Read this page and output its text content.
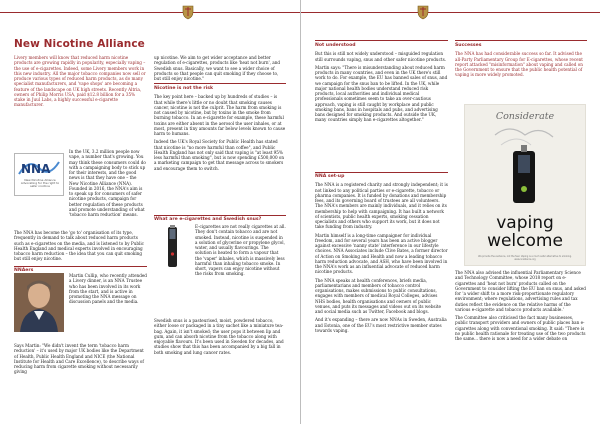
New Nicotine Alliance

Livery members will know that reduced harm nicotine products are growing rapidly in popularity, especially vaping – the use of e-cigarettes. Indeed, some Livery members work in this new industry. All the major tobacco companies now sell or produce various types of reduced harm products, as do many specialist manufacturers, and 'vape shops' are becoming a feature of the landscape on UK high streets. Recently Altria, owners of Philip Morris USA, paid $12.8 billion for a 35% stake in Juul Labs, a highly successful e-cigarette manufacturer.

NNA
New Nicotine Alliance Advocating for the right to safer nicotine

In the UK, 3.2 million people now vape, a number that's growing. You may think these consumers could do with a campaigning body to stick up for their interests, and the good news is that they have one – the New Nicotine Alliance (NNA). Founded in 2016, the NNA's aim is to speak up for consumers of safer nicotine products, campaign for better regulation of these products and promote understanding of what 'tobacco harm reduction' means.

The NNA has become the 'go to' organisation of its type, frequently in demand to talk about reduced harm products such as e-cigarettes on the media, and is listened to by Public Health England and medical experts involved in encouraging tobacco harm reduction – the idea that you can quit smoking but still enjoy nicotine.

NNAers

Martin Cullip, who recently attended a Livery dinner, is an NNA Trustee who has been involved in its work from the start, and is active in promoting the NNA message on discussion panels and the media.

Says Martin: "We didn't invent the term 'tobacco harm reduction' – it's used by major UK bodies like the Department of Health, Public Health England and NICE (the National Institute for Health and Care Excellence), to describe ways of reducing harm from cigarette smoking without necessarily giving

up nicotine. We aim to get wider acceptance and better regulation of e-cigarettes, products like 'heat not burn', and Swedish snus. Basically, we want to see a wider choice of products so that people can quit smoking if they choose to, but still enjoy nicotine."

Nicotine is not the risk

The key point here – backed up by hundreds of studies – is that while there's little or no doubt that smoking causes cancer, nicotine is not the culprit. The harm from smoking is not caused by nicotine, but by toxins in the smoke from burning tobacco. In an e-cigarette for example, these harmful toxins are either absent in the aerosol the user inhales, or at most, present in tiny amounts far below levels known to cause harm to humans.

Indeed the UK's Royal Society for Public Health has stated that nicotine is "no more harmful than coffee", and Public Health England has not only said that vaping is "at least 95% less harmful than smoking", but is now spending £500,000 on a marketing campaign to get that message across to smokers and encourage them to switch.

What are e-cigarettes and Swedish snus?

E-cigarettes are not really cigarettes at all. They don't contain tobacco and are not smoked. Instead, nicotine is suspended in a solution of glycerine or propylene glycol, water, and usually flavourings. The solution is heated to form a vapour that the 'vaper' inhales, which is massively less harmful than inhaling tobacco smoke. In short, vapers can enjoy nicotine without the risks from smoking.

Swedish snus is a pasteurised, moist, powdered tobacco, either loose or packaged in a tiny sachet like a miniature tea-bag. Again, it isn't smoked; the user pops it between lip and gum, and can absorb nicotine from the tobacco along with enjoyable flavours. It's been used in Sweden for decades, and studies show that this has been accompanied by a big fall in both smoking and lung cancer rates.

Not understood

But this is still not widely understood – misguided regulation still surrounds vaping, snus and other safer nicotine products.

Martin says: "There is misunderstanding about reduced harm products in many countries, and even in the UK there's still work to do. For example, the EU has banned sales of snus, and we campaign for the snus ban to be lifted. In the UK, while major national health bodies understand reduced risk products, local authorities and individual medical professionals sometimes seem to take an over-cautious approach, vaping is still caught by workplace and public smoking bans, bans in hospitals and pubs, and advertising bans designed for smoking products. And outside the UK, many countries simply ban e-cigarettes altogether."

NNA set-up

The NNA is a registered charity and strongly independent; it is not linked to any political parties or e-cigarette, tobacco or pharma companies. It is funded by donations and membership fees, and its governing board of trustees are all volunteers. The NNA's members are mainly individuals, and it relies on its membership to help with campaigning. It has built a network of scientists, public health experts, smoking cessation specialists and others who support its work, but it does not take funding from industry.

Martin himself is a long-time campaigner for individual freedom, and for several years has been an active blogger against excessive 'nanny state' interference in our lifestyle choices. NNA Associates include Clive Bates, a former director of Action on Smoking and Health and now a leading tobacco harm reduction advocate, and ASH, who have been involved in the NNA's work as an influential advocate of reduced harm nicotine products.

The NNA speaks at health conferences, briefs media, parliamentarians and members of tobacco control organisations, makes submissions to public consultations, engages with members of medical Royal Colleges, advises NHS bodies, health organisations and owners of public venues, and puts its messages and videos out on its website and social media such as Twitter, Facebook and blogs.

And it's expanding – there are now NNAs in Sweden, Australia and Estonia, one of the EU's most restrictive member states towards vaping.

Successes

The NNA has had considerable success so far. It advised the all-Party Parliamentary Group for E-cigarettes, whose recent report attacked "misinformation" about vaping and called on the Government to ensure that the public health potential of vaping is more widely promoted.

Considerate
vaping
welcome
We provide the evidence, not the fear. Vaping is a much safer alternative to smoking. www.nnalliance.org

The NNA also advised the influential Parliamentary Science and Technology Committee, whose 2018 report on e-cigarettes and 'heat not burn' products called on the Government to consider lifting the EU ban on snus, and asked for 'a wider shift to a more risk-proportionate regulatory environment; where regulations, advertising rules and tax duties reflect the evidence on the relative harms of the various e-cigarette and tobacco products available.'

The Committee also criticised the fact many businesses, public transport providers and owners of public places ban e-cigarettes along with conventional smoking. It said: "There is no public health rationale for treating use of the two products the same... there is now a need for a wider debate on
